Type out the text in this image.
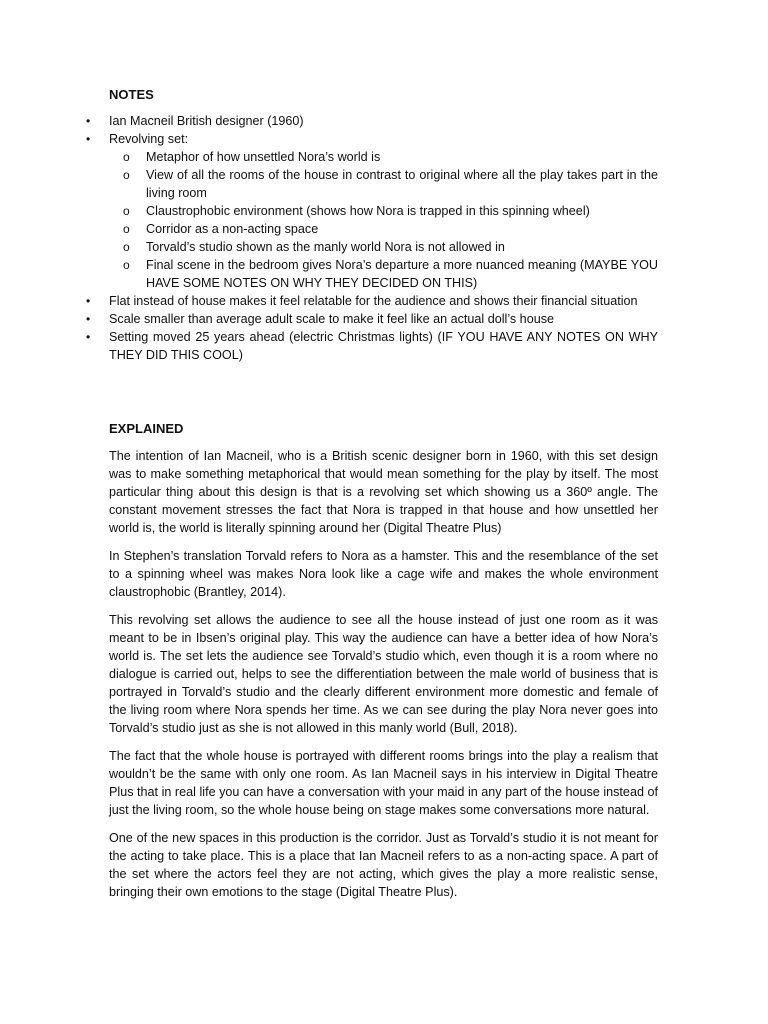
NOTES
• Ian Macneil British designer (1960)
• Revolving set:
o Metaphor of how unsettled Nora’s world is
o View of all the rooms of the house in contrast to original where all the play takes part in the living room
o Claustrophobic environment (shows how Nora is trapped in this spinning wheel)
o Corridor as a non-acting space
o Torvald’s studio shown as the manly world Nora is not allowed in
o Final scene in the bedroom gives Nora’s departure a more nuanced meaning (MAYBE YOU HAVE SOME NOTES ON WHY THEY DECIDED ON THIS)
• Flat instead of house makes it feel relatable for the audience and shows their financial situation
• Scale smaller than average adult scale to make it feel like an actual doll’s house
• Setting moved 25 years ahead (electric Christmas lights) (IF YOU HAVE ANY NOTES ON WHY THEY DID THIS COOL)
EXPLAINED

The intention of Ian Macneil, who is a British scenic designer born in 1960, with this set design was to make something metaphorical that would mean something for the play by itself. The most particular thing about this design is that is a revolving set which showing us a 360º angle. The constant movement stresses the fact that Nora is trapped in that house and how unsettled her world is, the world is literally spinning around her (Digital Theatre Plus)

In Stephen’s translation Torvald refers to Nora as a hamster. This and the resemblance of the set to a spinning wheel was makes Nora look like a cage wife and makes the whole environment claustrophobic (Brantley, 2014).

This revolving set allows the audience to see all the house instead of just one room as it was meant to be in Ibsen’s original play. This way the audience can have a better idea of how Nora’s world is. The set lets the audience see Torvald’s studio which, even though it is a room where no dialogue is carried out, helps to see the differentiation between the male world of business that is portrayed in Torvald’s studio and the clearly different environment more domestic and female of the living room where Nora spends her time. As we can see during the play Nora never goes into Torvald’s studio just as she is not allowed in this manly world (Bull, 2018).

The fact that the whole house is portrayed with different rooms brings into the play a realism that wouldn’t be the same with only one room. As Ian Macneil says in his interview in Digital Theatre Plus that in real life you can have a conversation with your maid in any part of the house instead of just the living room, so the whole house being on stage makes some conversations more natural.

One of the new spaces in this production is the corridor. Just as Torvald’s studio it is not meant for the acting to take place. This is a place that Ian Macneil refers to as a non-acting space. A part of the set where the actors feel they are not acting, which gives the play a more realistic sense, bringing their own emotions to the stage (Digital Theatre Plus).
